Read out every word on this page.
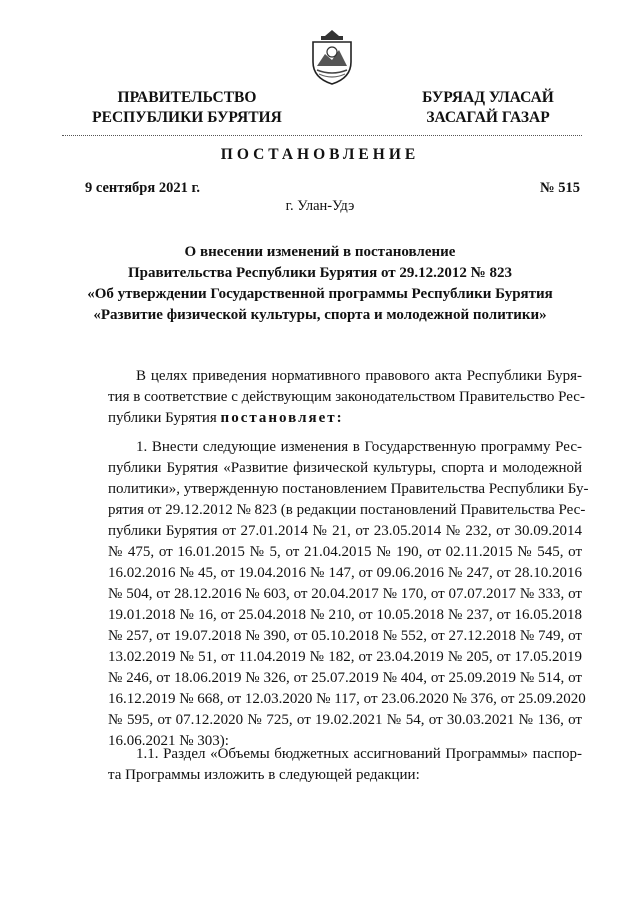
ПРАВИТЕЛЬСТВО
РЕСПУБЛИКИ БУРЯТИЯ
БУРЯАД УЛАСАЙ
ЗАСАГАЙ ГАЗАР
ПОСТАНОВЛЕНИЕ
9 сентября 2021 г.	№ 515
г. Улан-Удэ
О внесении изменений в постановление
Правительства Республики Бурятия от 29.12.2012 № 823
«Об утверждении Государственной программы Республики Бурятия
«Развитие физической культуры, спорта и молодежной политики»
В целях приведения нормативного правового акта Республики Буря-
тия в соответствие с действующим законодательством Правительство Рес-
публики Бурятия постановляет:
1. Внести следующие изменения в Государственную программу Рес-
публики Бурятия «Развитие физической культуры, спорта и молодежной
политики», утвержденную постановлением Правительства Республики Бу-
рятия от 29.12.2012 № 823 (в редакции постановлений Правительства Рес-
публики Бурятия от 27.01.2014 № 21, от 23.05.2014 № 232, от 30.09.2014
№ 475, от 16.01.2015 № 5, от 21.04.2015 № 190, от 02.11.2015 № 545, от
16.02.2016 № 45, от 19.04.2016 № 147, от 09.06.2016 № 247, от 28.10.2016
№ 504, от 28.12.2016 № 603, от 20.04.2017 № 170, от 07.07.2017 № 333, от
19.01.2018 № 16, от 25.04.2018 № 210, от 10.05.2018 № 237, от 16.05.2018
№ 257, от 19.07.2018 № 390, от 05.10.2018 № 552, от 27.12.2018 № 749, от
13.02.2019 № 51, от 11.04.2019 № 182, от 23.04.2019 № 205, от 17.05.2019
№ 246, от 18.06.2019 № 326, от 25.07.2019 № 404, от 25.09.2019 № 514, от
16.12.2019 № 668, от 12.03.2020 № 117, от 23.06.2020 № 376, от 25.09.2020
№ 595, от 07.12.2020 № 725, от 19.02.2021 № 54, от 30.03.2021 № 136, от
16.06.2021 № 303):
1.1. Раздел «Объемы бюджетных ассигнований Программы» паспор-
та Программы изложить в следующей редакции:
